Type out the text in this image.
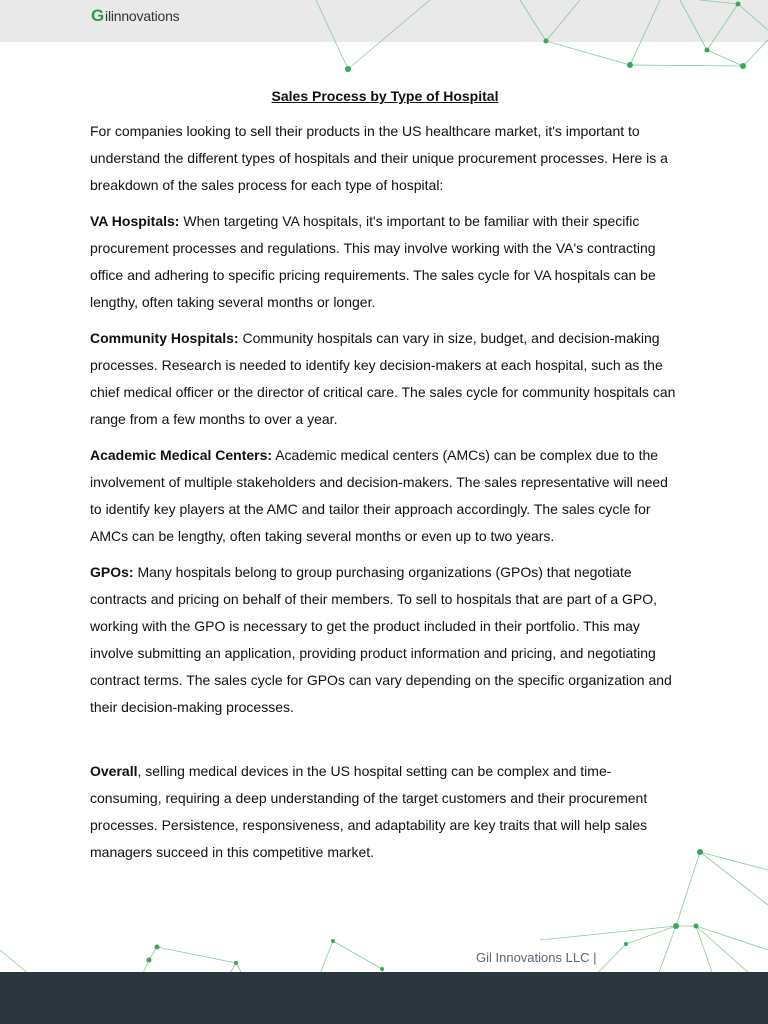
G ilinnovations
Sales Process by Type of Hospital

For companies looking to sell their products in the US healthcare market, it's important to understand the different types of hospitals and their unique procurement processes. Here is a breakdown of the sales process for each type of hospital:

VA Hospitals: When targeting VA hospitals, it's important to be familiar with their specific procurement processes and regulations. This may involve working with the VA's contracting office and adhering to specific pricing requirements. The sales cycle for VA hospitals can be lengthy, often taking several months or longer.

Community Hospitals: Community hospitals can vary in size, budget, and decision-making processes. Research is needed to identify key decision-makers at each hospital, such as the chief medical officer or the director of critical care. The sales cycle for community hospitals can range from a few months to over a year.

Academic Medical Centers: Academic medical centers (AMCs) can be complex due to the involvement of multiple stakeholders and decision-makers. The sales representative will need to identify key players at the AMC and tailor their approach accordingly. The sales cycle for AMCs can be lengthy, often taking several months or even up to two years.

GPOs: Many hospitals belong to group purchasing organizations (GPOs) that negotiate contracts and pricing on behalf of their members. To sell to hospitals that are part of a GPO, working with the GPO is necessary to get the product included in their portfolio. This may involve submitting an application, providing product information and pricing, and negotiating contract terms. The sales cycle for GPOs can vary depending on the specific organization and their decision-making processes.

Overall, selling medical devices in the US hospital setting can be complex and time-consuming, requiring a deep understanding of the target customers and their procurement processes. Persistence, responsiveness, and adaptability are key traits that will help sales managers succeed in this competitive market.

Gil Innovations LLC |
